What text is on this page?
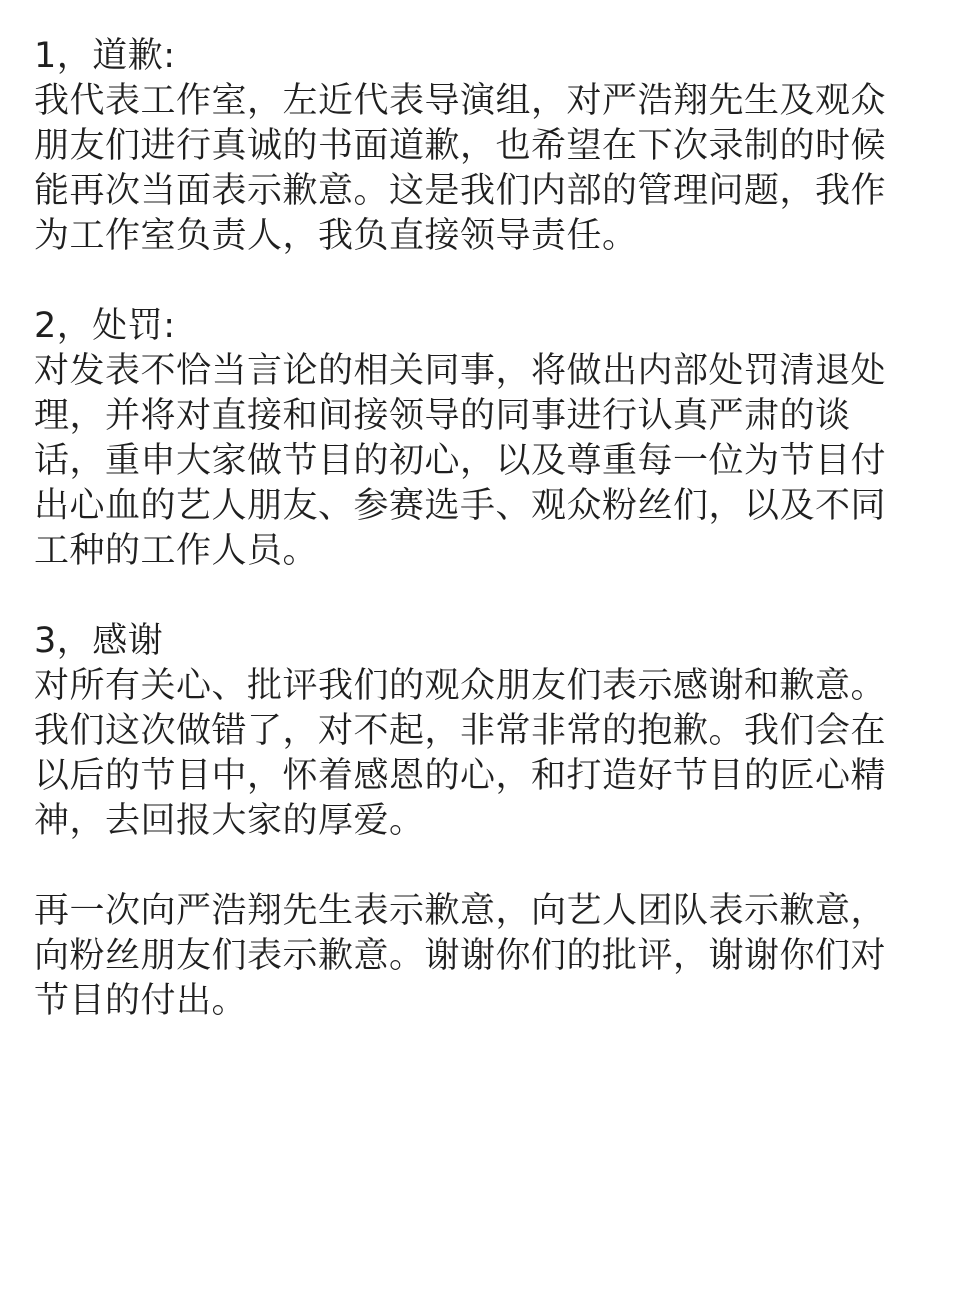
1，道歉:
我代表工作室，左近代表导演组，对严浩翔先生及观众
朋友们进行真诚的书面道歉，也希望在下次录制的时候
能再次当面表示歉意。这是我们内部的管理问题，我作
为工作室负责人，我负直接领导责任。
2，处罚:
对发表不恰当言论的相关同事，将做出内部处罚清退处
理，并将对直接和间接领导的同事进行认真严肃的谈
话，重申大家做节目的初心，以及尊重每一位为节目付
出心血的艺人朋友、参赛选手、观众粉丝们，以及不同
工种的工作人员。
3，感谢
对所有关心、批评我们的观众朋友们表示感谢和歉意。
我们这次做错了，对不起，非常非常的抱歉。我们会在
以后的节目中，怀着感恩的心，和打造好节目的匠心精
神，去回报大家的厚爱。
再一次向严浩翔先生表示歉意，向艺人团队表示歉意，
向粉丝朋友们表示歉意。谢谢你们的批评，谢谢你们对
节目的付出。
